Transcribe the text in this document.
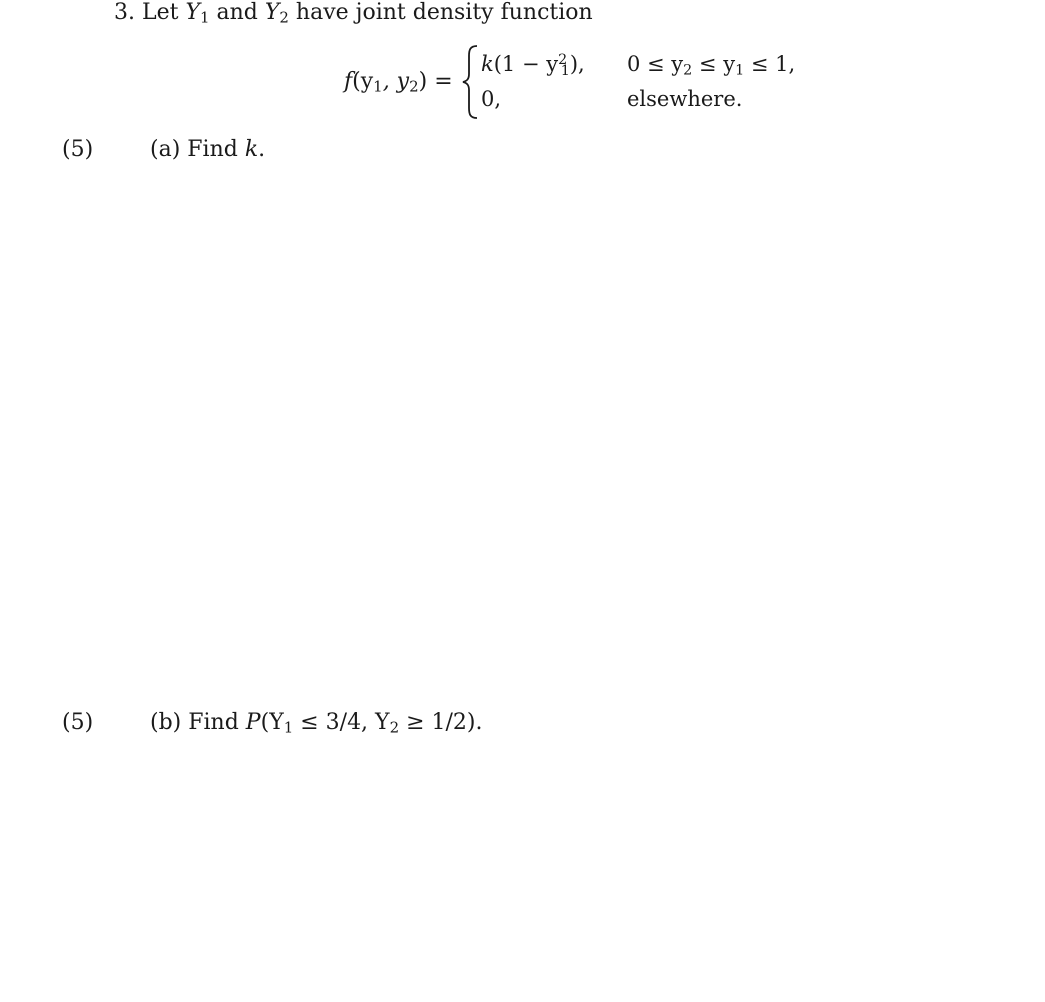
3. Let $Y_1$ and $Y_2$ have joint density function
$f(y_1$, $y_2$) =
$k(1 - y^2_1)$,
0,
$0 \le y_2 \le y_1 \le 1$,
elsewhere.
(5)	(a) Find k.
(5)	(b) Find $P(Y_1 \le 3/4$, $Y_2 \ge 1/2$).
